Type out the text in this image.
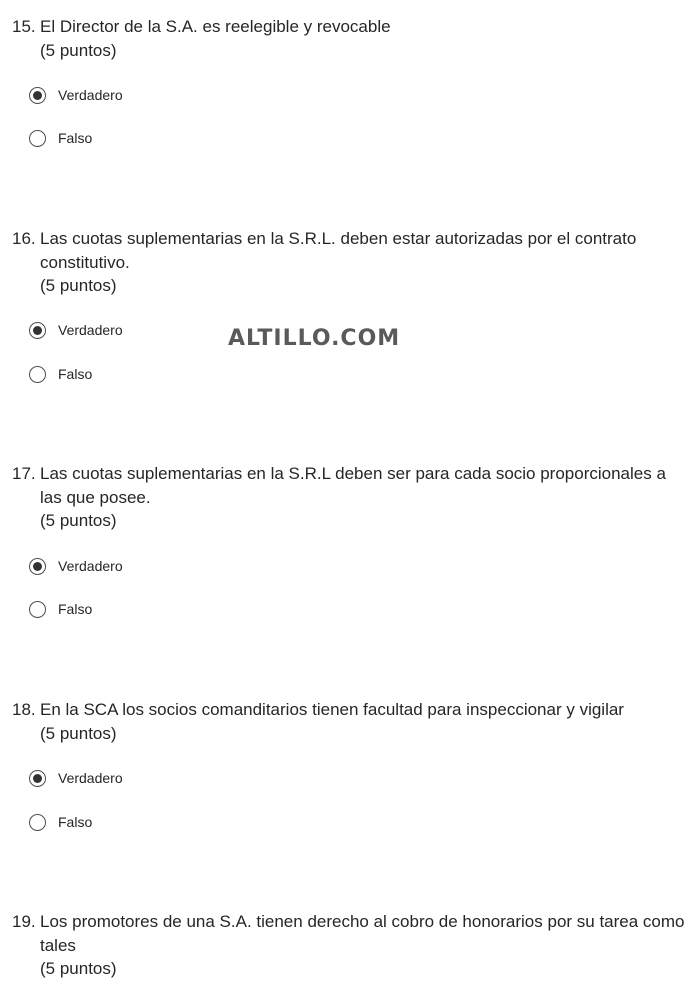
15. El Director de la S.A. es reelegible y revocable

(5 puntos)
Verdadero
Falso
16. Las cuotas suplementarias en la S.R.L. deben estar autorizadas por el contrato constitutivo.

(5 puntos)
Verdadero
Falso
ALTILLO.COM
17. Las cuotas suplementarias en la S.R.L deben ser para cada socio proporcionales a las que posee.

(5 puntos)
Verdadero
Falso
18. En la SCA los socios comanditarios tienen facultad para inspeccionar y vigilar

(5 puntos)
Verdadero
Falso
19. Los promotores de una S.A. tienen derecho al cobro de honorarios por su tarea como tales

(5 puntos)
